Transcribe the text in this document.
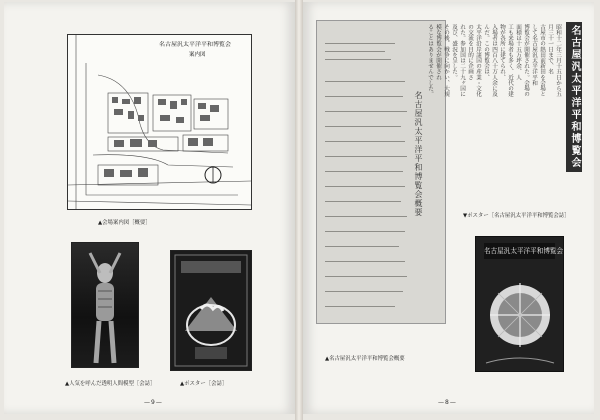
名古屋汎太平洋平和博覧会
案内図
▲会場案内図［概要］
▲人気を呼んだ透明人間模型［会誌］	▲ポスター［会誌］
—9—
名古屋汎太平洋平和博覧会概要
▲名古屋汎太平洋平和博覧会概要
昭和十二年三月十五日から五月三十一日まで、名
古屋市の熱田前新田を会場として名古屋汎太平洋平和
博覧会が開催された。会場の面積は十五万坪余、人
工も来場者も多く、近代の建物が各所に建てられ、
入場者は四百八十万人余に及んだ。この博覧会は、
太平洋沿岸諸国の産業・文化の交流を目的に企画さ
れた。参加国は二十九ヶ国に及び、盛況を呈した。
その後、戦争に向かい、大規模な博覧会が開催され
ることはありませんでした。	名古屋汎太平洋平和博覧会
▼ポスター［名古屋汎太平洋平和博覧会誌］
名古屋汎太平洋平和博覧会
—8—
